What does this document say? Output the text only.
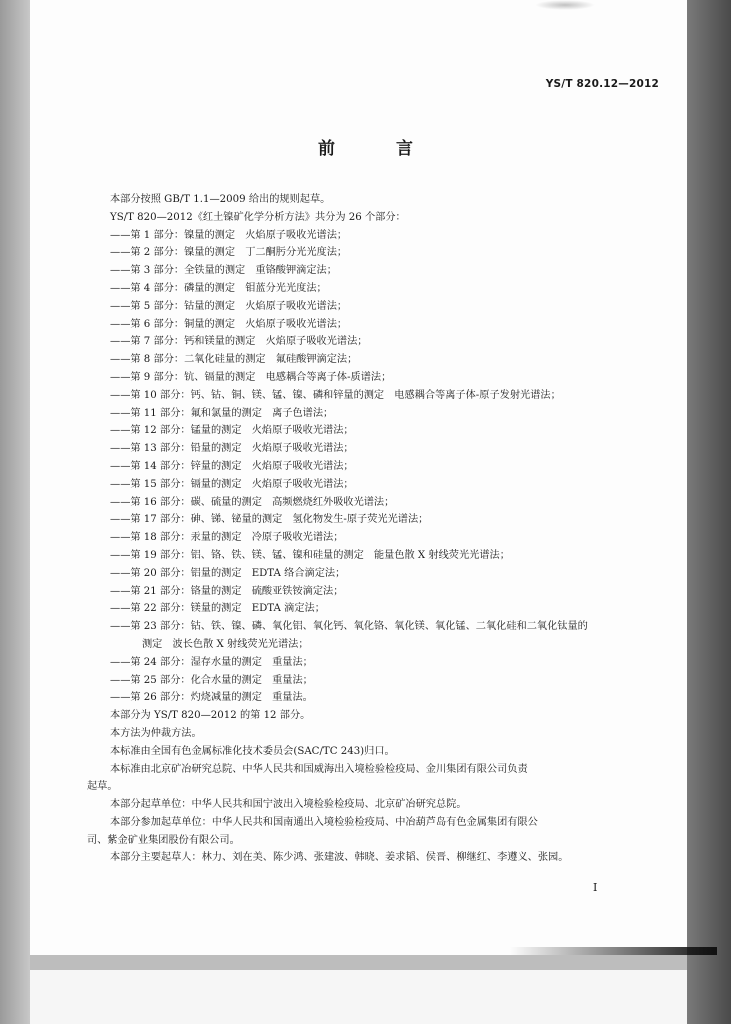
YS/T 820.12—2012
前　言
本部分按照 GB/T 1.1—2009 给出的规则起草。
YS/T 820—2012《红土镍矿化学分析方法》共分为 26 个部分：
——第 1 部分：镍量的测定　火焰原子吸收光谱法；
——第 2 部分：镍量的测定　丁二酮肟分光光度法；
——第 3 部分：全铁量的测定　重铬酸钾滴定法；
——第 4 部分：磷量的测定　钼蓝分光光度法；
——第 5 部分：钴量的测定　火焰原子吸收光谱法；
——第 6 部分：铜量的测定　火焰原子吸收光谱法；
——第 7 部分：钙和镁量的测定　火焰原子吸收光谱法；
——第 8 部分：二氧化硅量的测定　氟硅酸钾滴定法；
——第 9 部分：钪、镉量的测定　电感耦合等离子体-质谱法；
——第 10 部分：钙、钴、铜、镁、锰、镍、磷和锌量的测定　电感耦合等离子体-原子发射光谱法；
——第 11 部分：氟和氯量的测定　离子色谱法；
——第 12 部分：锰量的测定　火焰原子吸收光谱法；
——第 13 部分：铅量的测定　火焰原子吸收光谱法；
——第 14 部分：锌量的测定　火焰原子吸收光谱法；
——第 15 部分：镉量的测定　火焰原子吸收光谱法；
——第 16 部分：碳、硫量的测定　高频燃烧红外吸收光谱法；
——第 17 部分：砷、锑、铋量的测定　氢化物发生-原子荧光光谱法；
——第 18 部分：汞量的测定　冷原子吸收光谱法；
——第 19 部分：铝、铬、铁、镁、锰、镍和硅量的测定　能量色散 X 射线荧光光谱法；
——第 20 部分：铝量的测定　EDTA 络合滴定法；
——第 21 部分：铬量的测定　硫酸亚铁铵滴定法；
——第 22 部分：镁量的测定　EDTA 滴定法；
——第 23 部分：钴、铁、镍、磷、氧化铝、氧化钙、氧化铬、氧化镁、氧化锰、二氧化硅和二氧化钛量的
测定　波长色散 X 射线荧光光谱法；
——第 24 部分：湿存水量的测定　重量法；
——第 25 部分：化合水量的测定　重量法；
——第 26 部分：灼烧减量的测定　重量法。
本部分为 YS/T 820—2012 的第 12 部分。
本方法为仲裁方法。
本标准由全国有色金属标准化技术委员会(SAC/TC 243)归口。
本标准由北京矿冶研究总院、中华人民共和国威海出入境检验检疫局、金川集团有限公司负责
起草。
本部分起草单位：中华人民共和国宁波出入境检验检疫局、北京矿冶研究总院。
本部分参加起草单位：中华人民共和国南通出入境检验检疫局、中冶葫芦岛有色金属集团有限公
司、紫金矿业集团股份有限公司。
本部分主要起草人：林力、刘在美、陈少鸿、张建波、韩晓、姜求韬、侯晋、柳继红、李遵义、张园。
I
